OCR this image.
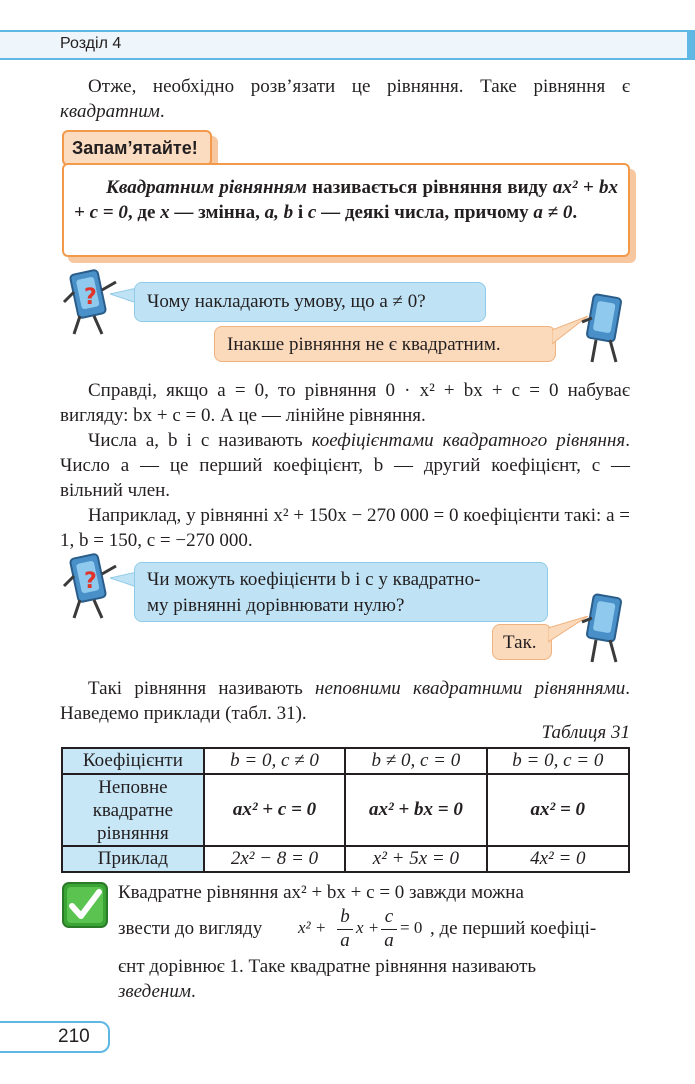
Розділ 4
Отже, необхідно розв’язати це рівняння. Таке рівняння є квадратним.
Запам’ятайте!
Квадратним рівнянням називається рівняння виду ax² + bx + c = 0, де x — змінна, a, b і c — деякі числа, причому a ≠ 0.
?	Чому накладають умову, що a ≠ 0?
Інакше рівняння не є квадратним.
Справді, якщо a = 0, то рівняння 0 · x² + bx + c = 0 набуває вигляду: bx + c = 0. А це — лінійне рівняння.
Числа a, b і c називають коефіцієнтами квадратного рівняння. Число a — це перший коефіцієнт, b — другий коефіцієнт, c — вільний член.
Наприклад, у рівнянні x² + 150x − 270 000 = 0 коефіцієнти такі: a = 1, b = 150, c = −270 000.
?	Чи можуть коефіцієнти b і c у квадратно-
му рівнянні дорівнювати нулю?
Так.
Такі рівняння називають неповними квадратними рівняннями. Наведемо приклади (табл. 31).
Таблиця 31
Коефіцієнти	b = 0, c ≠ 0	b ≠ 0, c = 0	b = 0, c = 0

Неповне
квадратне
рівняння	ax² + c = 0	ax² + bx = 0	ax² = 0
Приклад	2x² − 8 = 0	x² + 5x = 0	4x² = 0
Квадратне рівняння ax² + bx + c = 0 завжди можна
звести до вигляду x² +
b
a
x +
c
a
= 0 , де перший коефіці-
єнт дорівнює 1. Таке квадратне рівняння називають
зведеним.
210
